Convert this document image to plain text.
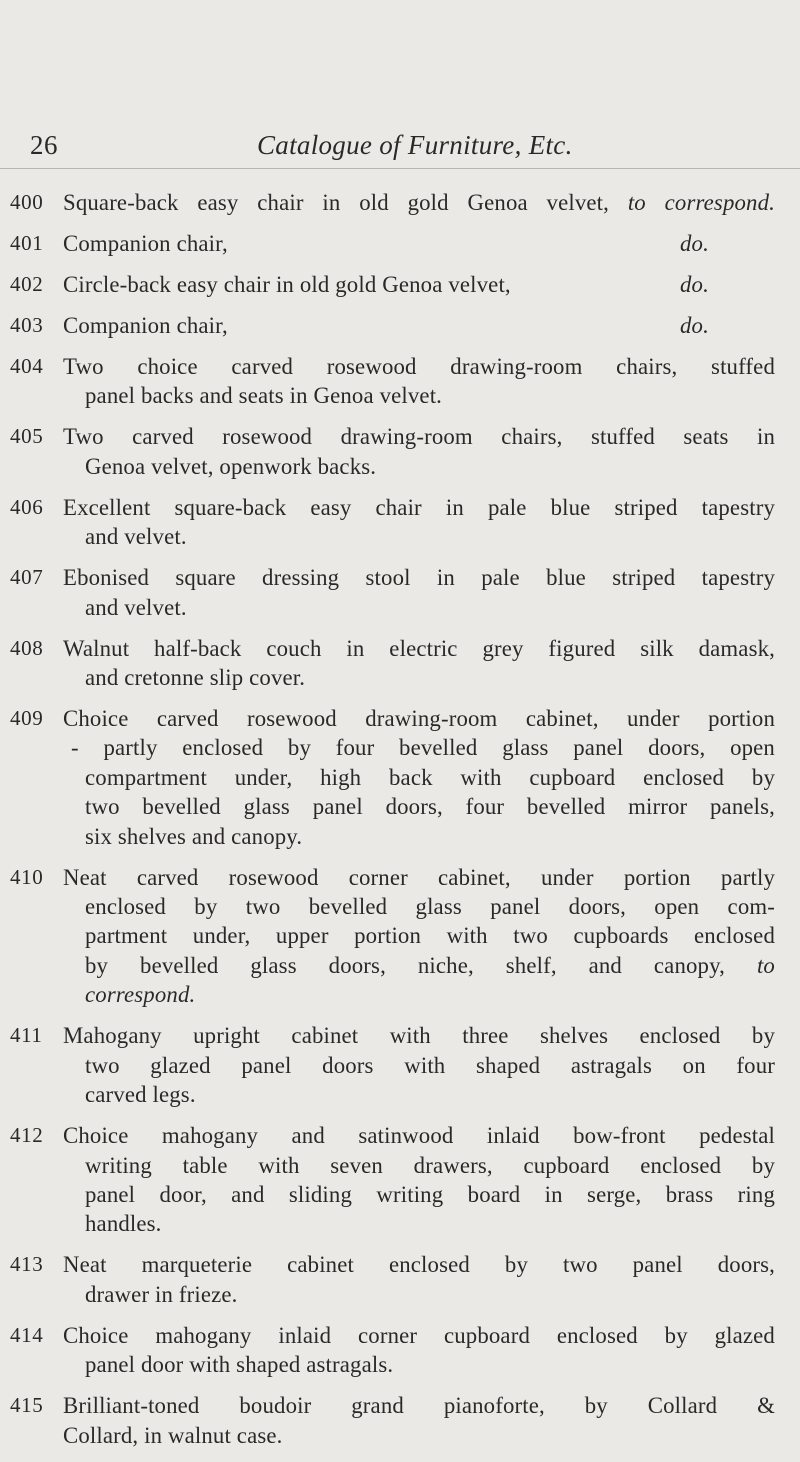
26	Catalogue of Furniture, Etc.
400 Square-back easy chair in old gold Genoa velvet, to correspond.
401 Companion chair,	do.
402 Circle-back easy chair in old gold Genoa velvet,	do.
403 Companion chair,	do.
404 Two choice carved rosewood drawing-room chairs, stuffed
panel backs and seats in Genoa velvet.
405 Two carved rosewood drawing-room chairs, stuffed seats in
Genoa velvet, openwork backs.
406 Excellent square-back easy chair in pale blue striped tapestry
and velvet.
407 Ebonised square dressing stool in pale blue striped tapestry
and velvet.
408 Walnut half-back couch in electric grey figured silk damask,
and cretonne slip cover.
409 Choice carved rosewood drawing-room cabinet, under portion
- partly enclosed by four bevelled glass panel doors, open
compartment under, high back with cupboard enclosed by
two bevelled glass panel doors, four bevelled mirror panels,
six shelves and canopy.
410 Neat carved rosewood corner cabinet, under portion partly
enclosed by two bevelled glass panel doors, open com-
partment under, upper portion with two cupboards enclosed
by bevelled glass doors, niche, shelf, and canopy, to
correspond.
411 Mahogany upright cabinet with three shelves enclosed by
two glazed panel doors with shaped astragals on four
carved legs.
412 Choice mahogany and satinwood inlaid bow-front pedestal
writing table with seven drawers, cupboard enclosed by
panel door, and sliding writing board in serge, brass ring
handles.
413 Neat marqueterie cabinet enclosed by two panel doors,
drawer in frieze.
414 Choice mahogany inlaid corner cupboard enclosed by glazed
panel door with shaped astragals.
415 Brilliant-toned boudoir grand pianoforte, by Collard &
Collard, in walnut case.
